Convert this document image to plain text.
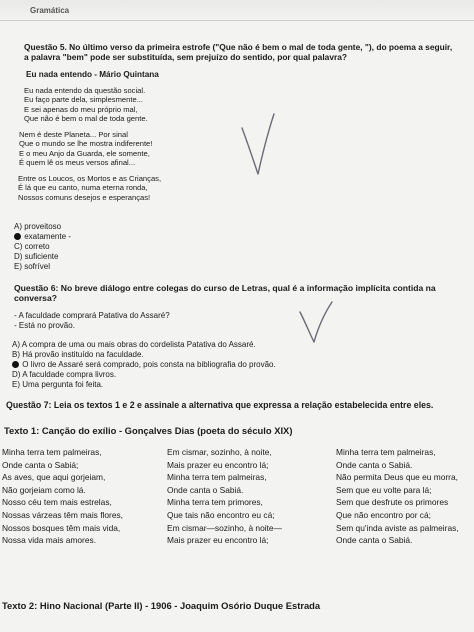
Gramática

Questão 5. No último verso da primeira estrofe ("Que não é bem o mal de toda gente, "), do poema a seguir,

a palavra "bem" pode ser substituída, sem prejuízo do sentido, por qual palavra?

Eu nada entendo - Mário Quintana

Eu nada entendo da questão social.
Eu faço parte dela, simplesmente...
E sei apenas do meu próprio mal,
Que não é bem o mal de toda gente.
Nem é deste Planeta... Por sinal
Que o mundo se lhe mostra indiferente!
E o meu Anjo da Guarda, ele somente,
É quem lê os meus versos afinal...
Entre os Loucos, os Mortos e as Crianças,
É lá que eu canto, numa eterna ronda,
Nossos comuns desejos e esperanças!
A) proveitoso
exatamente -
C) correto
D) suficiente
E) sofrível

Questão 6: No breve diálogo entre colegas do curso de Letras, qual é a informação implícita contida na

conversa?

- A faculdade comprará Patativa do Assaré?
- Está no provão.
A) A compra de uma ou mais obras do cordelista Patativa do Assaré.
B) Há provão instituído na faculdade.
O livro de Assaré será comprado, pois consta na bibliografia do provão.
D) A faculdade compra livros.
E) Uma pergunta foi feita.

Questão 7: Leia os textos 1 e 2 e assinale a alternativa que expressa a relação estabelecida entre eles.

Texto 1: Canção do exílio - Gonçalves Dias (poeta do século XIX)

Minha terra tem palmeiras,
Onde canta o Sabiá;
As aves, que aqui gorjeiam,
Não gorjeiam como lá.
Nosso céu tem mais estrelas,
Nossas várzeas têm mais flores,
Nossos bosques têm mais vida,
Nossa vida mais amores.
Em cismar, sozinho, à noite,
Mais prazer eu encontro lá;
Minha terra tem palmeiras,
Onde canta o Sabiá.
Minha terra tem primores,
Que tais não encontro eu cá;
Em cismar—sozinho, à noite—
Mais prazer eu encontro lá;
Minha terra tem palmeiras,
Onde canta o Sabiá.
Não permita Deus que eu morra,
Sem que eu volte para lá;
Sem que desfrute os primores
Que não encontro por cá;
Sem qu'inda aviste as palmeiras,
Onde canta o Sabiá.

Texto 2: Hino Nacional (Parte II) - 1906 - Joaquim Osório Duque Estrada
